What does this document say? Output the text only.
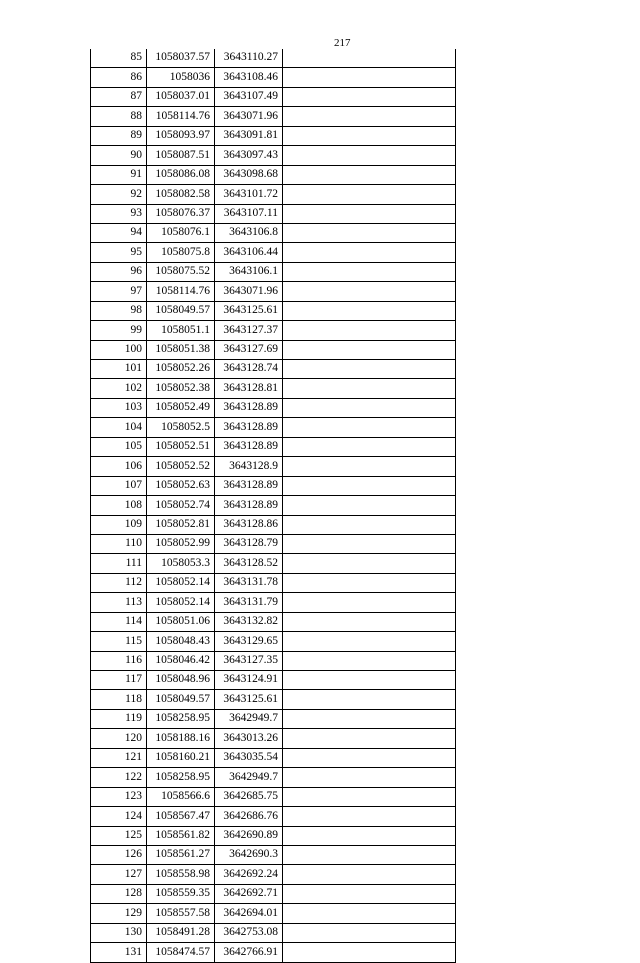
217
85	1058037.57	3643110.27	
86	1058036	3643108.46	
87	1058037.01	3643107.49	
88	1058114.76	3643071.96	
89	1058093.97	3643091.81	
90	1058087.51	3643097.43	
91	1058086.08	3643098.68	
92	1058082.58	3643101.72	
93	1058076.37	3643107.11	
94	1058076.1	3643106.8	
95	1058075.8	3643106.44	
96	1058075.52	3643106.1	
97	1058114.76	3643071.96	
98	1058049.57	3643125.61	
99	1058051.1	3643127.37	
100	1058051.38	3643127.69	
101	1058052.26	3643128.74	
102	1058052.38	3643128.81	
103	1058052.49	3643128.89	
104	1058052.5	3643128.89	
105	1058052.51	3643128.89	
106	1058052.52	3643128.9	
107	1058052.63	3643128.89	
108	1058052.74	3643128.89	
109	1058052.81	3643128.86	
110	1058052.99	3643128.79	
111	1058053.3	3643128.52	
112	1058052.14	3643131.78	
113	1058052.14	3643131.79	
114	1058051.06	3643132.82	
115	1058048.43	3643129.65	
116	1058046.42	3643127.35	
117	1058048.96	3643124.91	
118	1058049.57	3643125.61	
119	1058258.95	3642949.7	
120	1058188.16	3643013.26	
121	1058160.21	3643035.54	
122	1058258.95	3642949.7	
123	1058566.6	3642685.75	
124	1058567.47	3642686.76	
125	1058561.82	3642690.89	
126	1058561.27	3642690.3	
127	1058558.98	3642692.24	
128	1058559.35	3642692.71	
129	1058557.58	3642694.01	
130	1058491.28	3642753.08	
131	1058474.57	3642766.91	
